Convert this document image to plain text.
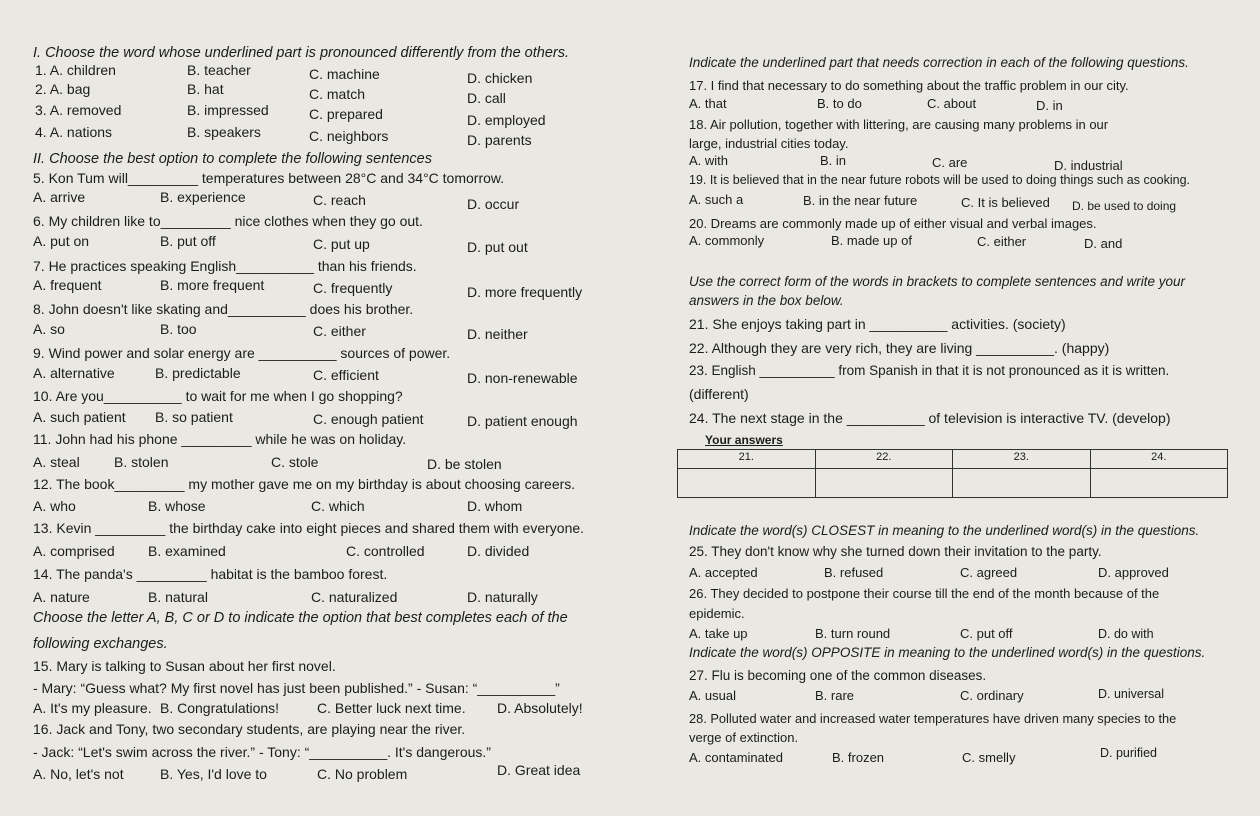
I. Choose the word whose underlined part is pronounced differently from the others.
1. A. children	B. teacher	C. machine	D. chicken
2. A. bag	B. hat	C. match	D. call
3. A. removed	B. impressed	C. prepared	D. employed
4. A. nations	B. speakers	C. neighbors	D. parents
II. Choose the best option to complete the following sentences
5. Kon Tum will_________ temperatures between 28°C and 34°C tomorrow.
A. arrive	B. experience	C. reach	D. occur
6. My children like to_________ nice clothes when they go out.
A. put on	B. put off	C. put up	D. put out
7. He practices speaking English__________ than his friends.
A. frequent	B. more frequent	C. frequently	D. more frequently
8. John doesn't like skating and__________ does his brother.
A. so	B. too	C. either	D. neither
9. Wind power and solar energy are __________ sources of power.
A. alternative	B. predictable	C. efficient	D. non-renewable
10. Are you__________ to wait for me when I go shopping?
A. such patient B. so patient	C. enough patient	D. patient enough
11. John had his phone _________ while he was on holiday.
A. steal B. stolen	C. stole	D. be stolen
12. The book_________ my mother gave me on my birthday is about choosing careers.
A. who	B. whose	C. which	D. whom
13. Kevin _________ the birthday cake into eight pieces and shared them with everyone.
A. comprised B. examined	C. controlled	D. divided
14. The panda's _________ habitat is the bamboo forest.
A. nature	B. natural	C. naturalized	D. naturally
Choose the letter A, B, C or D to indicate the option that best completes each of the
following exchanges.
15. Mary is talking to Susan about her first novel.
- Mary: “Guess what? My first novel has just been published.” - Susan: “__________”
A. It's my pleasure. B. Congratulations!	C. Better luck next time. D. Absolutely!
16. Jack and Tony, two secondary students, are playing near the river.
- Jack: “Let's swim across the river.” - Tony: “__________. It's dangerous.”
A. No, let's not	B. Yes, I'd love to	C. No problem	D. Great idea
Indicate the underlined part that needs correction in each of the following questions.
17. I find that necessary to do something about the traffic problem in our city.
A. that	B. to do	C. about	D. in
18. Air pollution, together with littering, are causing many problems in our
large, industrial cities today.
A. with	B. in	C. are	D. industrial
19. It is believed that in the near future robots will be used to doing things such as cooking.
A. such a	B. in the near future	C. It is believed D. be used to doing
20. Dreams are commonly made up of either visual and verbal images.
A. commonly	B. made up of	C. either	D. and
Use the correct form of the words in brackets to complete sentences and write your
answers in the box below.
21. She enjoys taking part in __________ activities. (society)
22. Although they are very rich, they are living __________. (happy)
23. English __________ from Spanish in that it is not pronounced as it is written.
(different)
24. The next stage in the __________ of television is interactive TV. (develop)
Your answers
21.	22.	23.	24.

Indicate the word(s) CLOSEST in meaning to the underlined word(s) in the questions.
25. They don't know why she turned down their invitation to the party.
A. accepted	B. refused	C. agreed	D. approved
26. They decided to postpone their course till the end of the month because of the
epidemic.
A. take up	B. turn round	C. put off	D. do with
Indicate the word(s) OPPOSITE in meaning to the underlined word(s) in the questions.
27. Flu is becoming one of the common diseases.
A. usual	B. rare	C. ordinary	D. universal
28. Polluted water and increased water temperatures have driven many species to the
verge of extinction.
A. contaminated	B. frozen	C. smelly	D. purified
